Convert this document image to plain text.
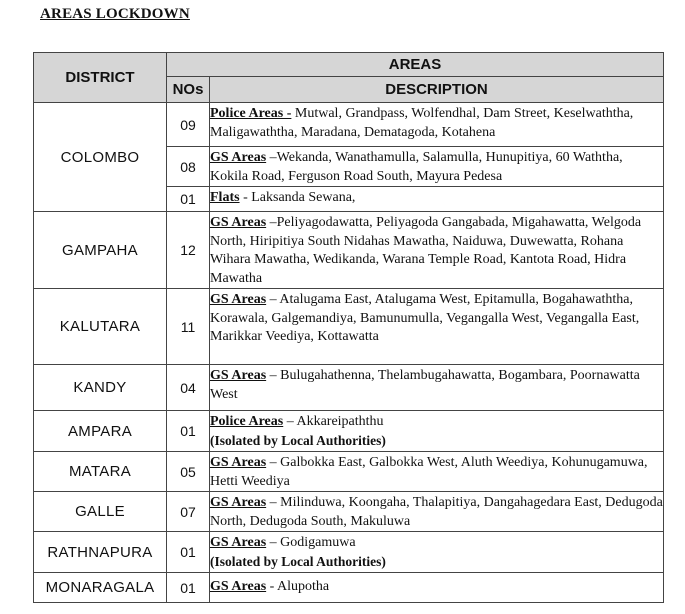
AREAS LOCKDOWN
DISTRICT	AREAS	
	NOs	DESCRIPTION
COLOMBO	09	Police Areas - Mutwal, Grandpass, Wolfendhal, Dam Street, Keselwaththa, Maligawaththa, Maradana, Dematagoda, Kotahena

	08	GS Areas –Wekanda, Wanathamulla, Salamulla, Hunupitiya, 60 Waththa, Kokila Road, Ferguson Road South, Mayura Pedesa

	01	Flats - Laksanda Sewana,

GAMPAHA	12	GS Areas –Peliyagodawatta, Peliyagoda Gangabada, Migahawatta, Welgoda North, Hiripitiya South Nidahas Mawatha, Naiduwa, Duwewatta, Rohana Wihara Mawatha, Wedikanda, Warana Temple Road, Kantota Road, Hidra Mawatha

KALUTARA	11	GS Areas – Atalugama East, Atalugama West, Epitamulla, Bogahawaththa, Korawala, Galgemandiya, Bamunumulla, Vegangalla West, Vegangalla East, Marikkar Veediya, Kottawatta

KANDY	04	GS Areas – Bulugahathenna, Thelambugahawatta, Bogambara, Poornawatta West

AMPARA	01	Police Areas – Akkareipaththu
(Isolated by Local Authorities)

MATARA	05	GS Areas – Galbokka East, Galbokka West, Aluth Weediya, Kohunugamuwa, Hetti Weediya

GALLE	07	GS Areas – Milinduwa, Koongaha, Thalapitiya, Dangahagedara East, Dedugoda North, Dedugoda South, Makuluwa

RATHNAPURA	01	GS Areas – Godigamuwa
(Isolated by Local Authorities)

MONARAGALA	01	GS Areas - Alupotha
